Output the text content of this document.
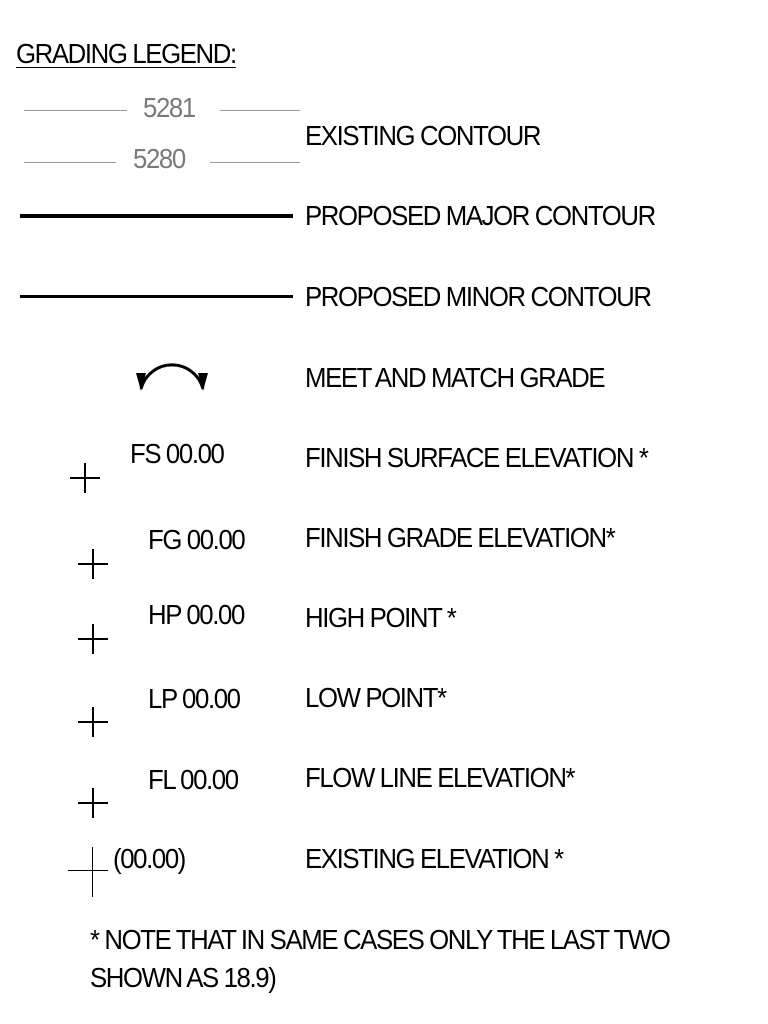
GRADING LEGEND:
5281
5280
EXISTING CONTOUR
PROPOSED MAJOR CONTOUR
PROPOSED MINOR CONTOUR
MEET AND MATCH GRADE
FS 00.00	FINISH SURFACE ELEVATION *
FG 00.00 FINISH GRADE ELEVATION*
HP 00.00 HIGH POINT *
LP 00.00 LOW POINT*
FL 00.00 FLOW LINE ELEVATION*
(00.00)	EXISTING ELEVATION *
* NOTE THAT IN SAME CASES ONLY THE LAST TWO
SHOWN AS 18.9)
